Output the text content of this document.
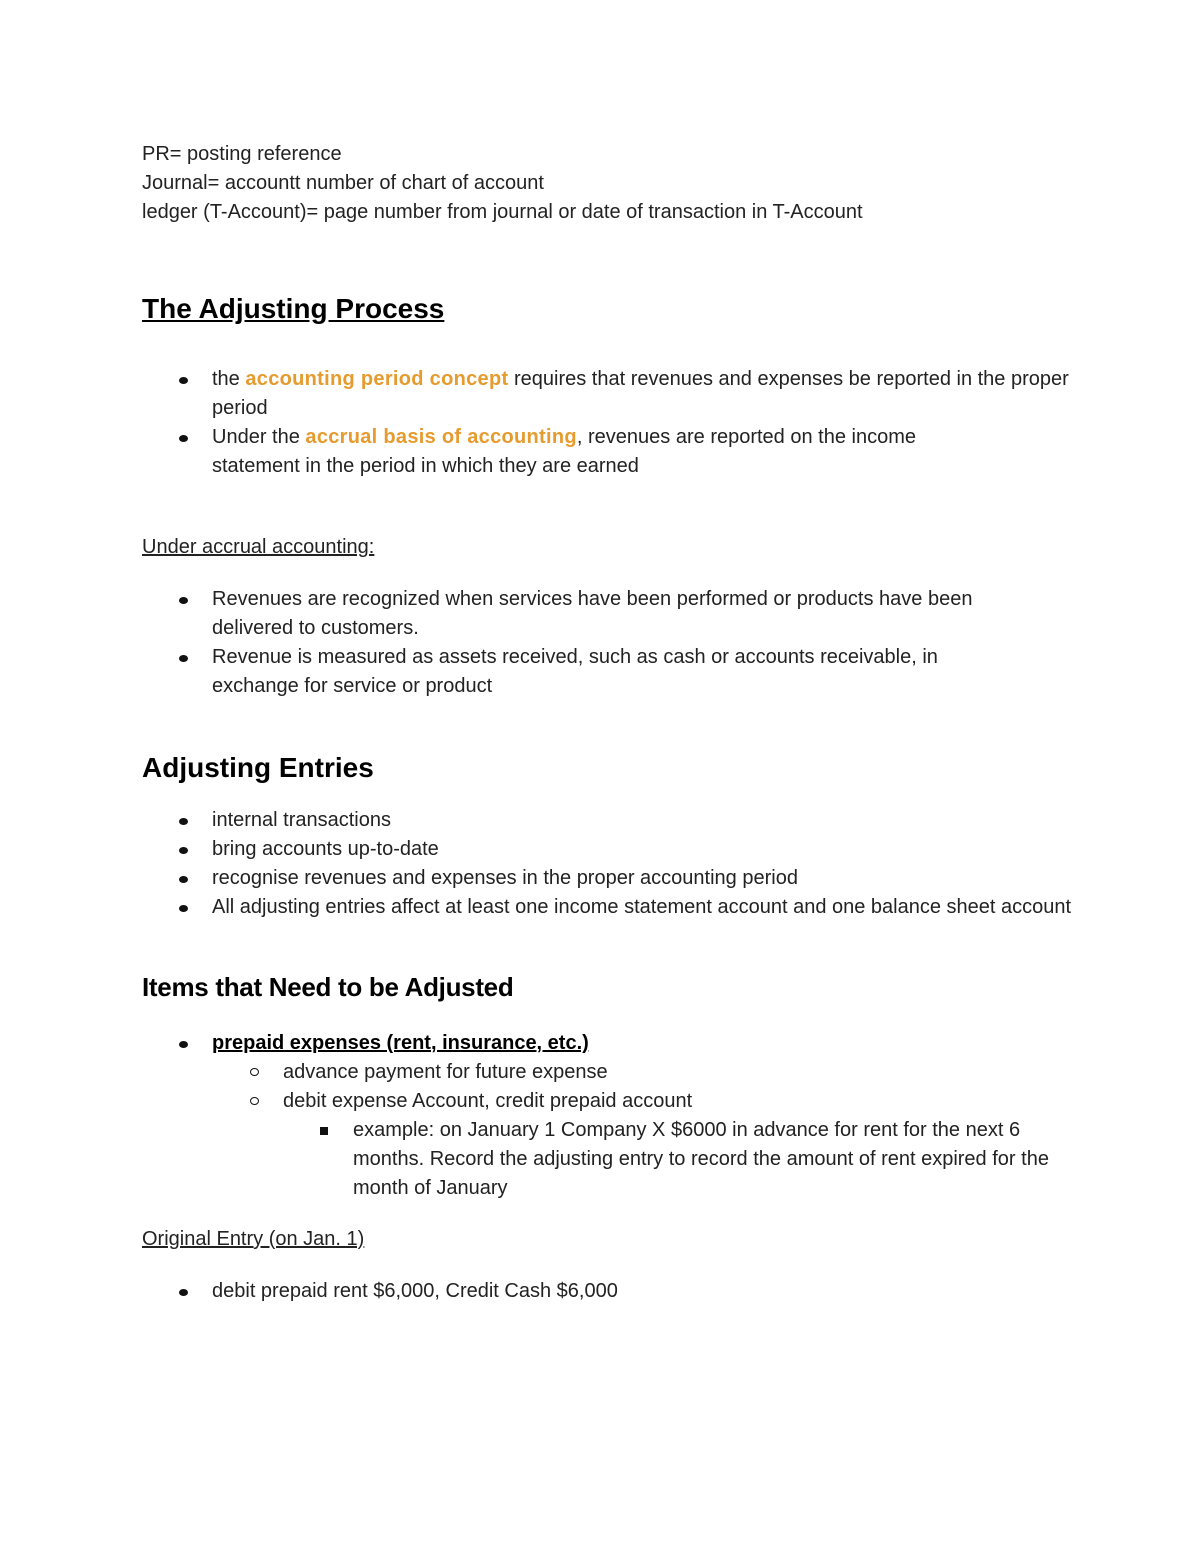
PR= posting reference

Journal= accountt number of chart of account

ledger (T-Account)= page number from journal or date of transaction in T-Account

The Adjusting Process
the accounting period concept requires that revenues and expenses be reported in the proper period
Under the accrual basis of accounting, revenues are reported on the income statement in the period in which they are earned

Under accrual accounting:

Revenues are recognized when services have been performed or products have been delivered to customers.
Revenue is measured as assets received, such as cash or accounts receivable, in exchange for service or product
Adjusting Entries
internal transactions
bring accounts up-to-date
recognise revenues and expenses in the proper accounting period
All adjusting entries affect at least one income statement account and one balance sheet account
Items that Need to be Adjusted
prepaid expenses (rent, insurance, etc.)
advance payment for future expense
debit expense Account, credit prepaid account
example: on January 1 Company X $6000 in advance for rent for the next 6 months. Record the adjusting entry to record the amount of rent expired for the month of January

Original Entry (on Jan. 1)

debit prepaid rent $6,000, Credit Cash $6,000
